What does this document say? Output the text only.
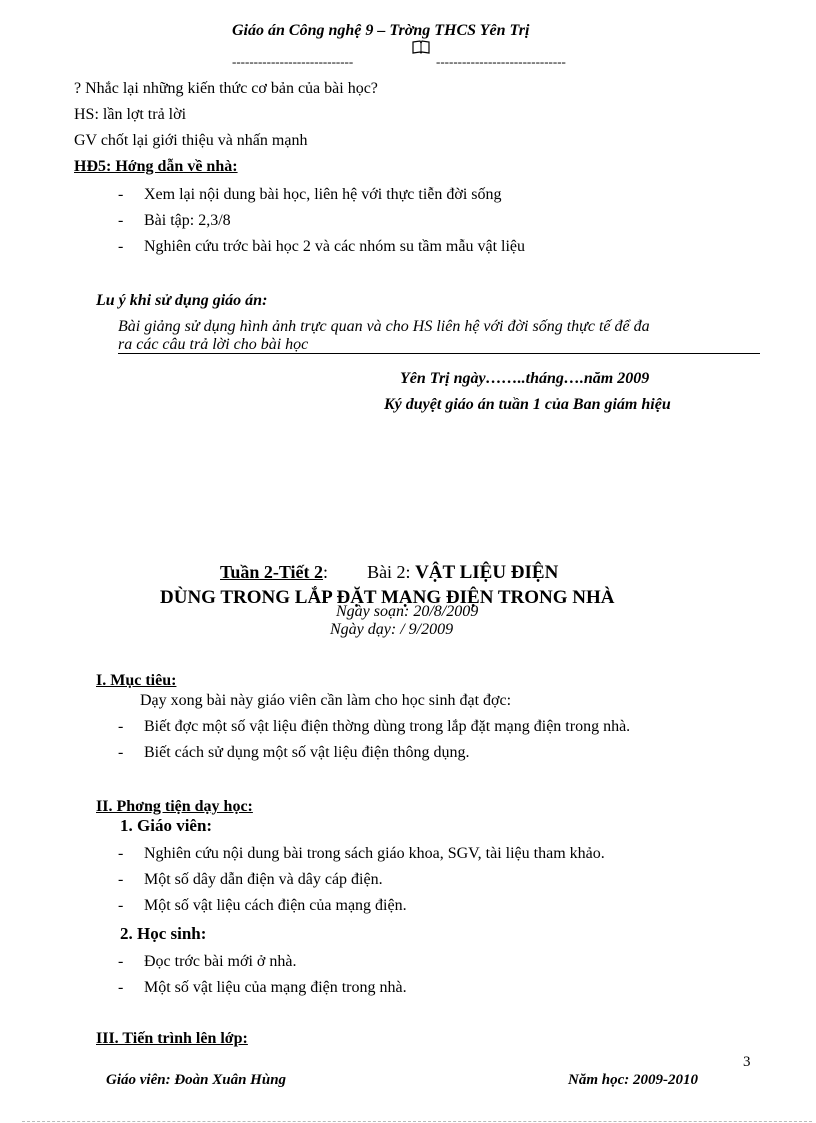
Giáo án Công nghệ 9 – Trờng THCS Yên Trị
----------------------------	------------------------------
? Nhắc lại những kiến thức cơ bản của bài học?
HS: lần lợt trả lời
GV chốt lại giới thiệu và nhấn mạnh
HĐ5: Hớng dẫn về nhà:
- Xem lại nội dung bài học, liên hệ với thực tiễn đời sống
- Bài tập: 2,3/8
- Nghiên cứu trớc bài học 2 và các nhóm su tầm mẫu vật liệu
Lu ý khi sử dụng giáo án:
Bài giảng sử dụng hình ảnh trực quan và cho HS liên hệ với đời sống thực tế để đa
ra các câu trả lời cho bài học
Yên Trị ngày……..tháng….năm 2009
Ký duyệt giáo án tuần 1 của Ban giám hiệu
Tuần 2-Tiết 2: Bài 2: VẬT LIỆU ĐIỆN
DÙNG TRONG LẮP ĐẶT MẠNG ĐIỆN TRONG NHÀ
Ngày soạn: 20/8/2009
Ngày dạy: / 9/2009
I. Mục tiêu:
Dạy xong bài này giáo viên cần làm cho học sinh đạt đợc:
- Biết đợc một số vật liệu điện thờng dùng trong lắp đặt mạng điện trong nhà.
- Biết cách sử dụng một số vật liệu điện thông dụng.
II. Phơng tiện dạy học:
1. Giáo viên:
- Nghiên cứu nội dung bài trong sách giáo khoa, SGV, tài liệu tham khảo.
- Một số dây dẫn điện và dây cáp điện.
- Một số vật liệu cách điện của mạng điện.
2. Học sinh:
- Đọc trớc bài mới ở nhà.
- Một số vật liệu của mạng điện trong nhà.
III. Tiến trình lên lớp:
3
Giáo viên: Đoàn Xuân Hùng	Năm học: 2009-2010
